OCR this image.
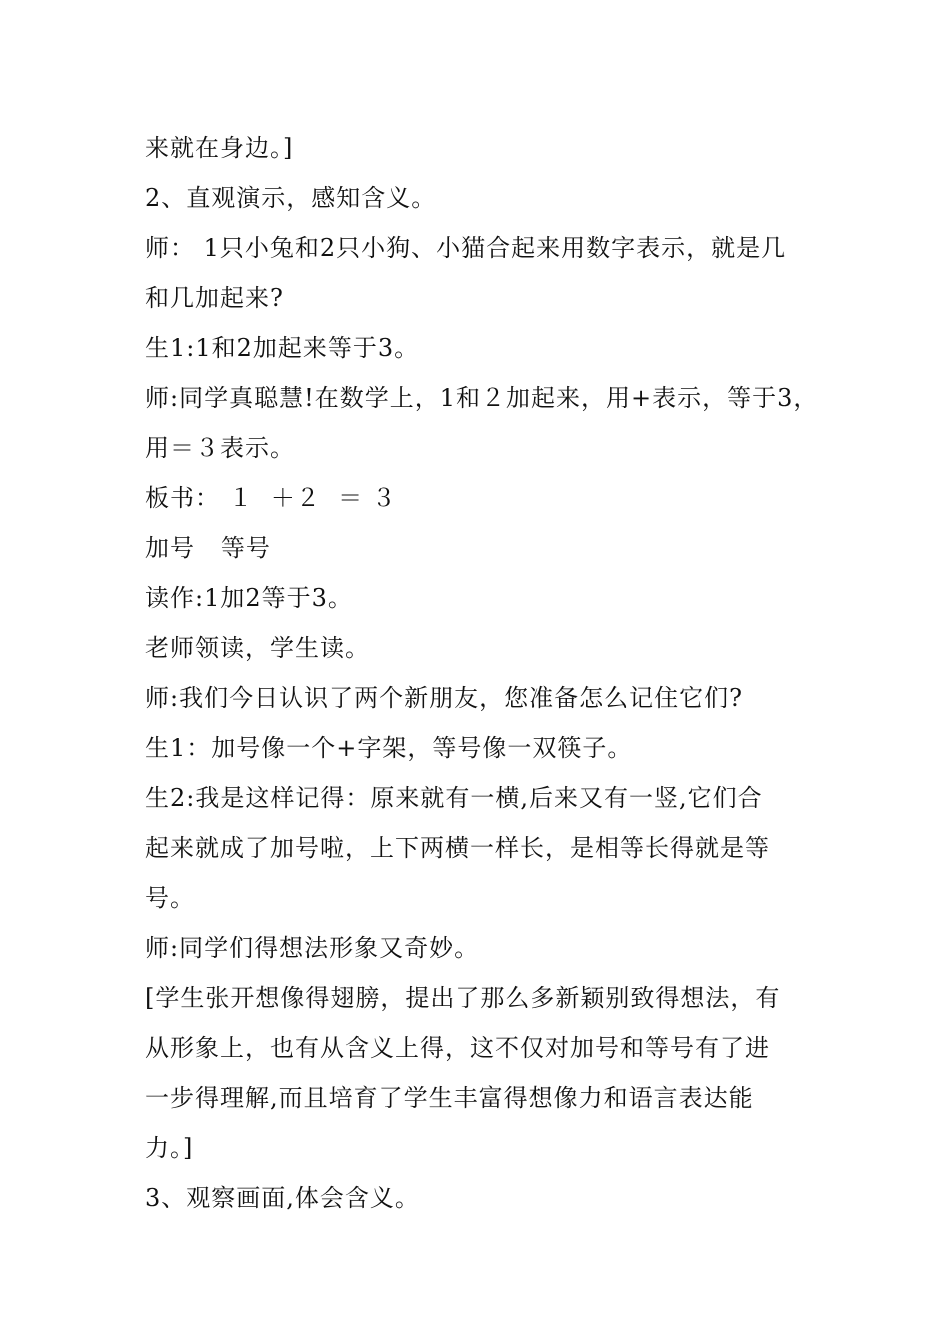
来就在身边。]
2、直观演示，感知含义。
师： 1只小兔和2只小狗、小猫合起来用数字表示，就是几
和几加起来?
生1:1和2加起来等于3。
师:同学真聪慧!在数学上，1和２加起来，用+表示，等于3，
用＝３表示。
板书： １  ＋２  ＝ ３
加号   等号
读作:1加2等于3。
老师领读，学生读。
师:我们今日认识了两个新朋友，您准备怎么记住它们?
生1：加号像一个+字架，等号像一双筷子。
生2:我是这样记得：原来就有一横,后来又有一竖,它们合
起来就成了加号啦，上下两横一样长，是相等长得就是等
号。
师:同学们得想法形象又奇妙。
[学生张开想像得翅膀，提出了那么多新颖别致得想法，有
从形象上，也有从含义上得，这不仅对加号和等号有了进
一步得理解,而且培育了学生丰富得想像力和语言表达能
力。]
3、观察画面,体会含义。
